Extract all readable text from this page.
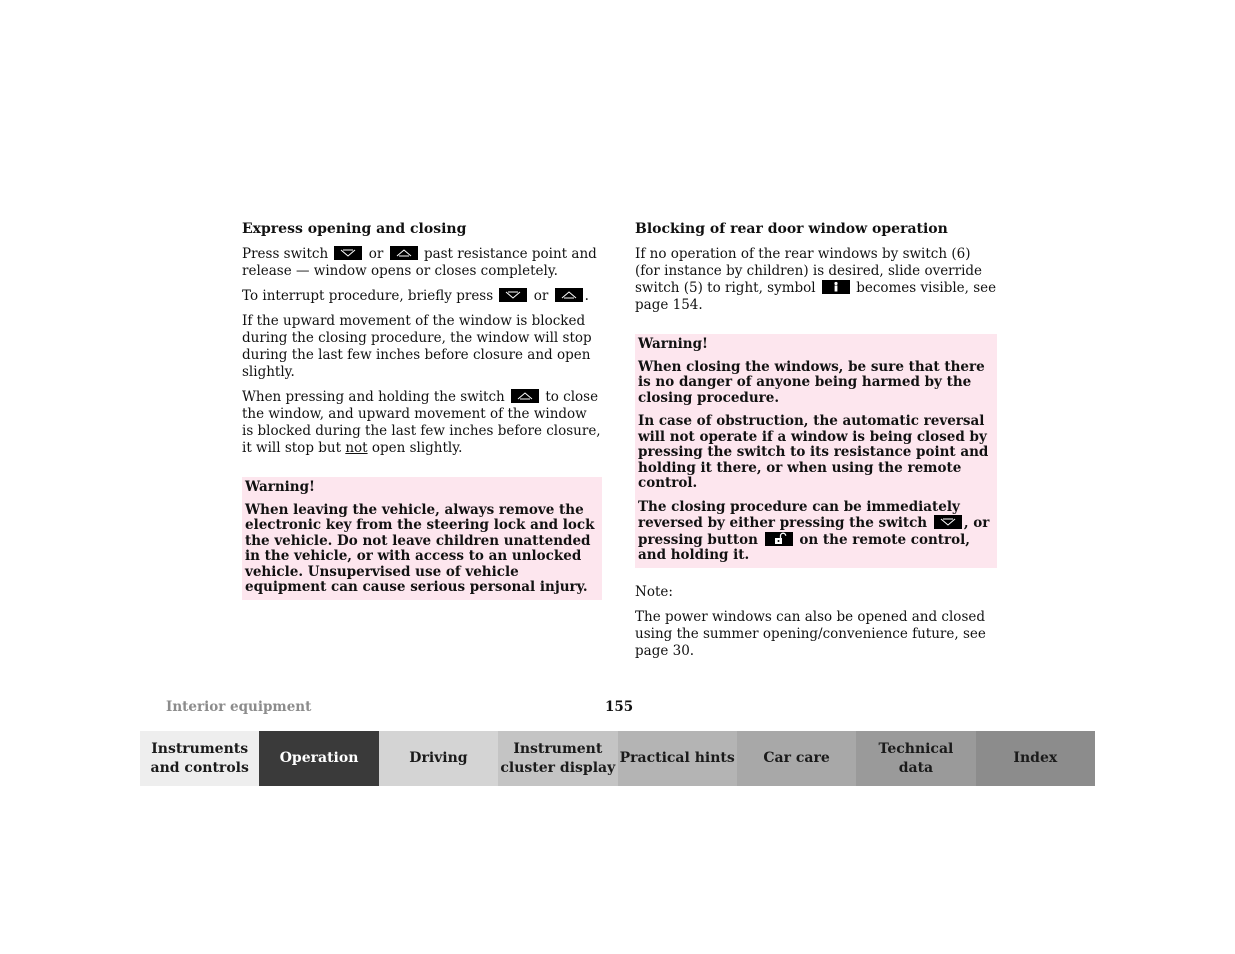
Express opening and closing

Press switch	or	past resistance point and release — window opens or closes completely.

To interrupt procedure, briefly press	or	.

If the upward movement of the window is blocked during the closing procedure, the window will stop during the last few inches before closure and open slightly.

When pressing and holding the switch	to close the window, and upward movement of the window is blocked during the last few inches before closure, it will stop but not open slightly.

Warning!

When leaving the vehicle, always remove the electronic key from the steering lock and lock the vehicle. Do not leave children unattended in the vehicle, or with access to an unlocked vehicle. Unsupervised use of vehicle equipment can cause serious personal injury.

Blocking of rear door window operation

If no operation of the rear windows by switch (6) (for instance by children) is desired, slide override switch (5) to right, symbol	becomes visible, see page 154.

Warning!

When closing the windows, be sure that there is no danger of anyone being harmed by the closing procedure.

In case of obstruction, the automatic reversal will not operate if a window is being closed by pressing the switch to its resistance point and holding it there, or when using the remote control.

The closing procedure can be immediately reversed by either pressing the switch	, or pressing button	on the remote control, and holding it.

Note:

The power windows can also be opened and closed using the summer opening/convenience future, see page 30.

Interior equipment	155
Instruments
and controls
Operation	Driving
Instrument
cluster display
Practical hints	Car care
Technical
data
Index
